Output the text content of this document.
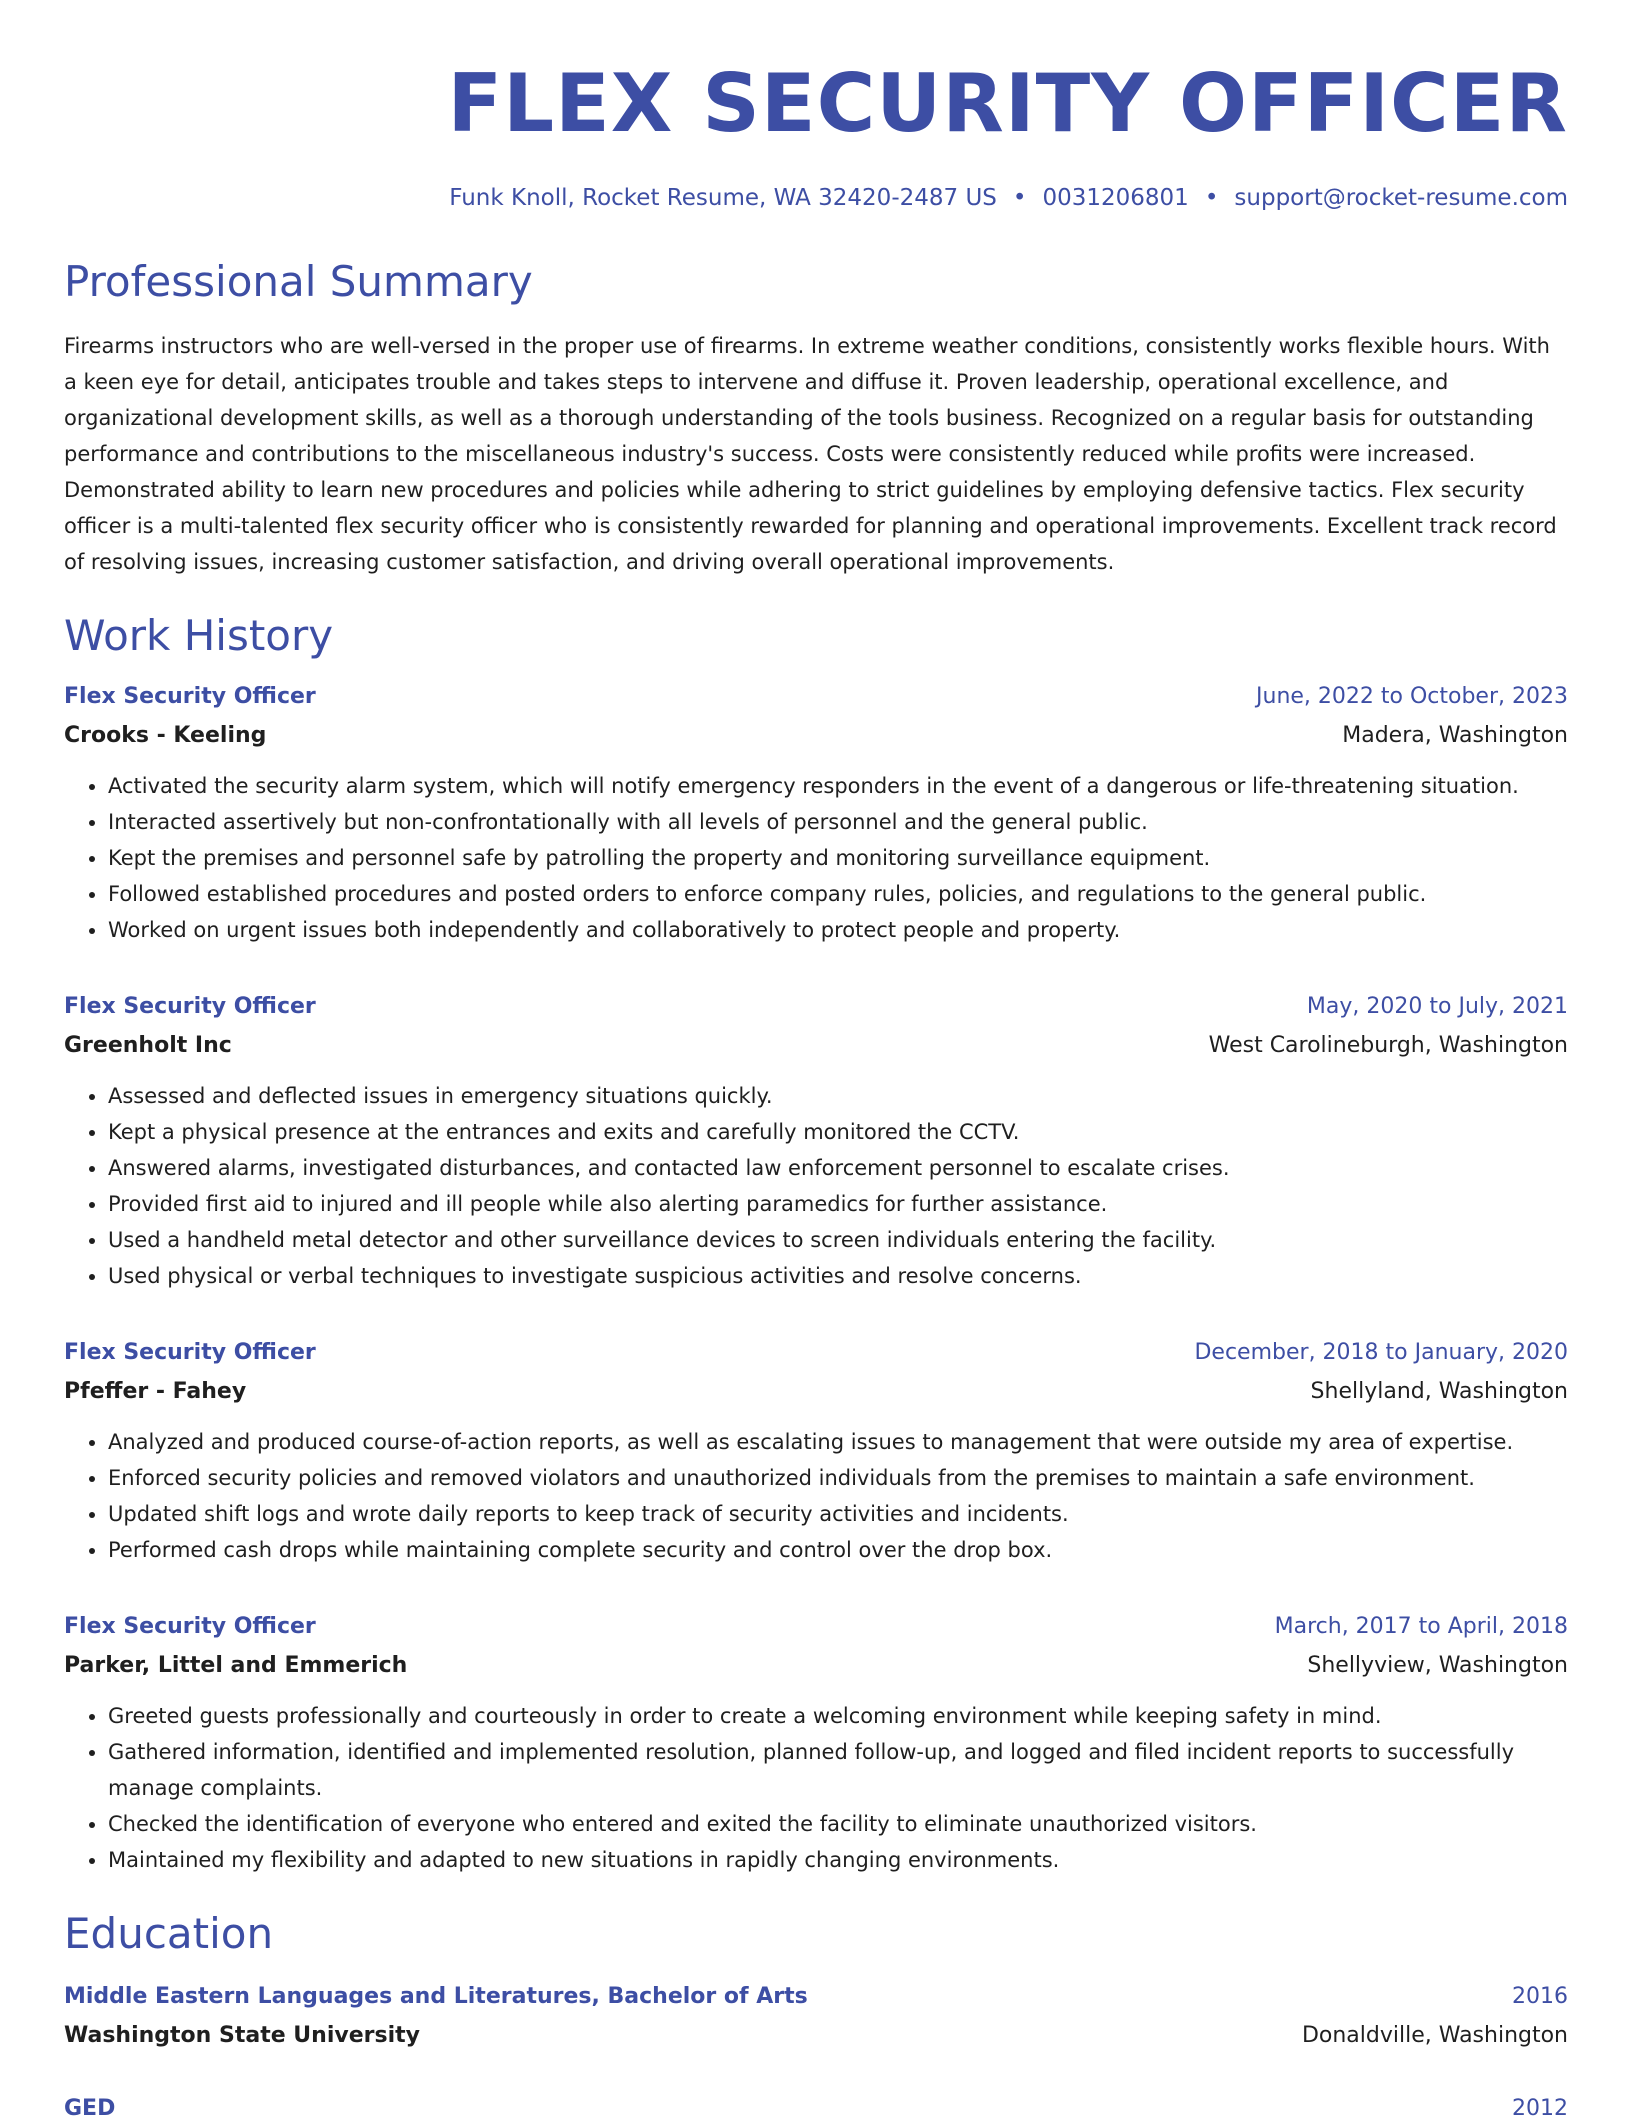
FLEX SECURITY OFFICER
Funk Knoll, Rocket Resume, WA 32420-2487 US • 0031206801 • support@rocket-resume.com
Professional Summary
Firearms instructors who are well-versed in the proper use of firearms. In extreme weather conditions, consistently works flexible hours. With a keen eye for detail, anticipates trouble and takes steps to intervene and diffuse it. Proven leadership, operational excellence, and organizational development skills, as well as a thorough understanding of the tools business. Recognized on a regular basis for outstanding performance and contributions to the miscellaneous industry's success. Costs were consistently reduced while profits were increased. Demonstrated ability to learn new procedures and policies while adhering to strict guidelines by employing defensive tactics. Flex security officer is a multi-talented flex security officer who is consistently rewarded for planning and operational improvements. Excellent track record of resolving issues, increasing customer satisfaction, and driving overall operational improvements.
Work History
Flex Security Officer	June, 2022 to October, 2023
Crooks - Keeling	Madera, Washington
• Activated the security alarm system, which will notify emergency responders in the event of a dangerous or life-threatening situation.
• Interacted assertively but non-confrontationally with all levels of personnel and the general public.
• Kept the premises and personnel safe by patrolling the property and monitoring surveillance equipment.
• Followed established procedures and posted orders to enforce company rules, policies, and regulations to the general public.
• Worked on urgent issues both independently and collaboratively to protect people and property.
Flex Security Officer	May, 2020 to July, 2021
Greenholt Inc	West Carolineburgh, Washington
• Assessed and deflected issues in emergency situations quickly.
• Kept a physical presence at the entrances and exits and carefully monitored the CCTV.
• Answered alarms, investigated disturbances, and contacted law enforcement personnel to escalate crises.
• Provided first aid to injured and ill people while also alerting paramedics for further assistance.
• Used a handheld metal detector and other surveillance devices to screen individuals entering the facility.
• Used physical or verbal techniques to investigate suspicious activities and resolve concerns.
Flex Security Officer	December, 2018 to January, 2020
Pfeffer - Fahey	Shellyland, Washington
• Analyzed and produced course-of-action reports, as well as escalating issues to management that were outside my area of expertise.
• Enforced security policies and removed violators and unauthorized individuals from the premises to maintain a safe environment.
• Updated shift logs and wrote daily reports to keep track of security activities and incidents.
• Performed cash drops while maintaining complete security and control over the drop box.
Flex Security Officer	March, 2017 to April, 2018
Parker, Littel and Emmerich	Shellyview, Washington
• Greeted guests professionally and courteously in order to create a welcoming environment while keeping safety in mind.
• Gathered information, identified and implemented resolution, planned follow-up, and logged and filed incident reports to successfully manage complaints.
• Checked the identification of everyone who entered and exited the facility to eliminate unauthorized visitors.
• Maintained my flexibility and adapted to new situations in rapidly changing environments.
Education
Middle Eastern Languages and Literatures, Bachelor of Arts	2016
Washington State University	Donaldville, Washington
GED	2012
